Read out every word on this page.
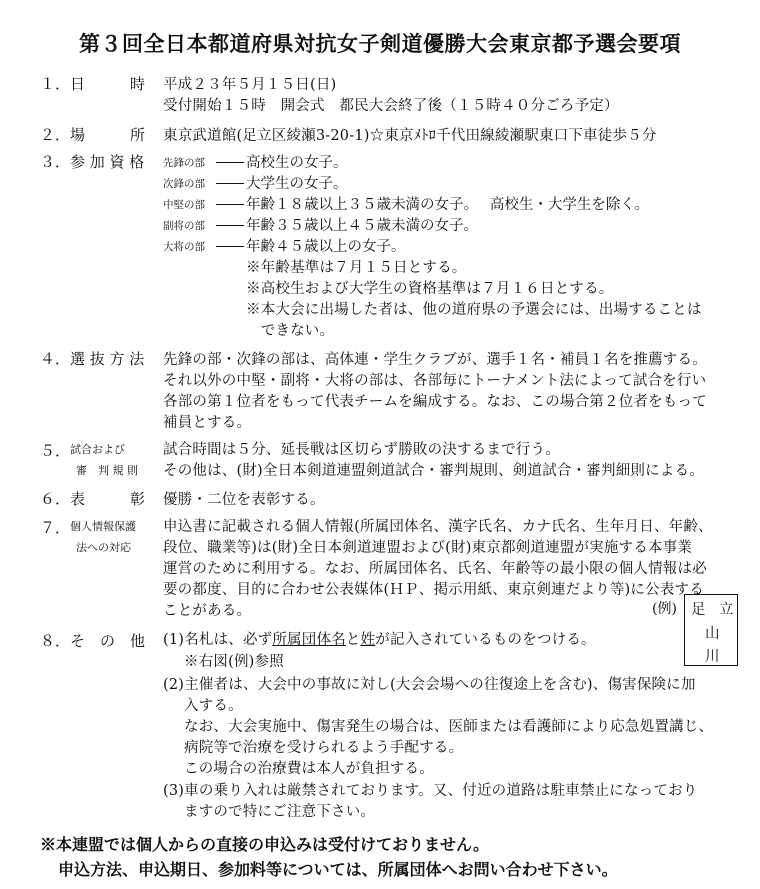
第３回全日本都道府県対抗女子剣道優勝大会東京都予選会要項
１． 日　　　時 平成２３年５月１５日(日)
受付開始１５時　開会式　都民大会終了後（１５時４０分ごろ予定）
２． 場　　　所 東京武道館(足立区綾瀬3-20-1)☆東京ﾒﾄﾛ千代田線綾瀬駅東口下車徒歩５分
３． 参 加 資 格 先鋒の部	高校生の女子。
次鋒の部	大学生の女子。
中堅の部	年齢１８歳以上３５歳未満の女子。　 高校生・大学生を除く。
副将の部	年齢３５歳以上４５歳未満の女子。
大将の部	年齢４５歳以上の女子。
※年齢基準は７月１５日とする。
※高校生および大学生の資格基準は７月１６日とする。
※本大会に出場した者は、他の道府県の予選会には、出場することは
　できない。
４． 選 抜 方 法 先鋒の部・次鋒の部は、高体連・学生クラブが、選手１名・補員１名を推薦する。
それ以外の中堅・副将・大将の部は、各部毎にトーナメント法によって試合を行い
各部の第１位者をもって代表チームを編成する。なお、この場合第２位者をもって
補員とする。
５． 試合および
審　判 規 則
試合時間は５分、延長戦は区切らず勝敗の決するまで行う。
その他は、(財)全日本剣道連盟剣道試合・審判規則、剣道試合・審判細則による。
６． 表　　　彰 優勝・二位を表彰する。
７． 個人情報保護
法への対応
申込書に記載される個人情報(所属団体名、漢字氏名、カナ氏名、生年月日、年齢、
段位、職業等)は(財)全日本剣道連盟および(財)東京都剣道連盟が実施する本事業
運営のために利用する。なお、所属団体名、氏名、年齢等の最小限の個人情報は必
要の都度、目的に合わせ公表媒体(ＨＰ、掲示用紙、東京剣連だより等)に公表する
ことがある。	(例) 足 立
山
川
８． そ　の　他 (1)名札は、必ず所属団体名と姓が記入されているものをつける。
※右図(例)参照
(2)主催者は、大会中の事故に対し(大会会場への往復途上を含む)、傷害保険に加
入する。
なお、大会実施中、傷害発生の場合は、医師または看護師により応急処置講じ、
病院等で治療を受けられるよう手配する。
この場合の治療費は本人が負担する。
(3)車の乗り入れは厳禁されております。又、付近の道路は駐車禁止になっており
ますので特にご注意下さい。
※本連盟では個人からの直接の申込みは受付けておりません。
申込方法、申込期日、参加料等については、所属団体へお問い合わせ下さい。
